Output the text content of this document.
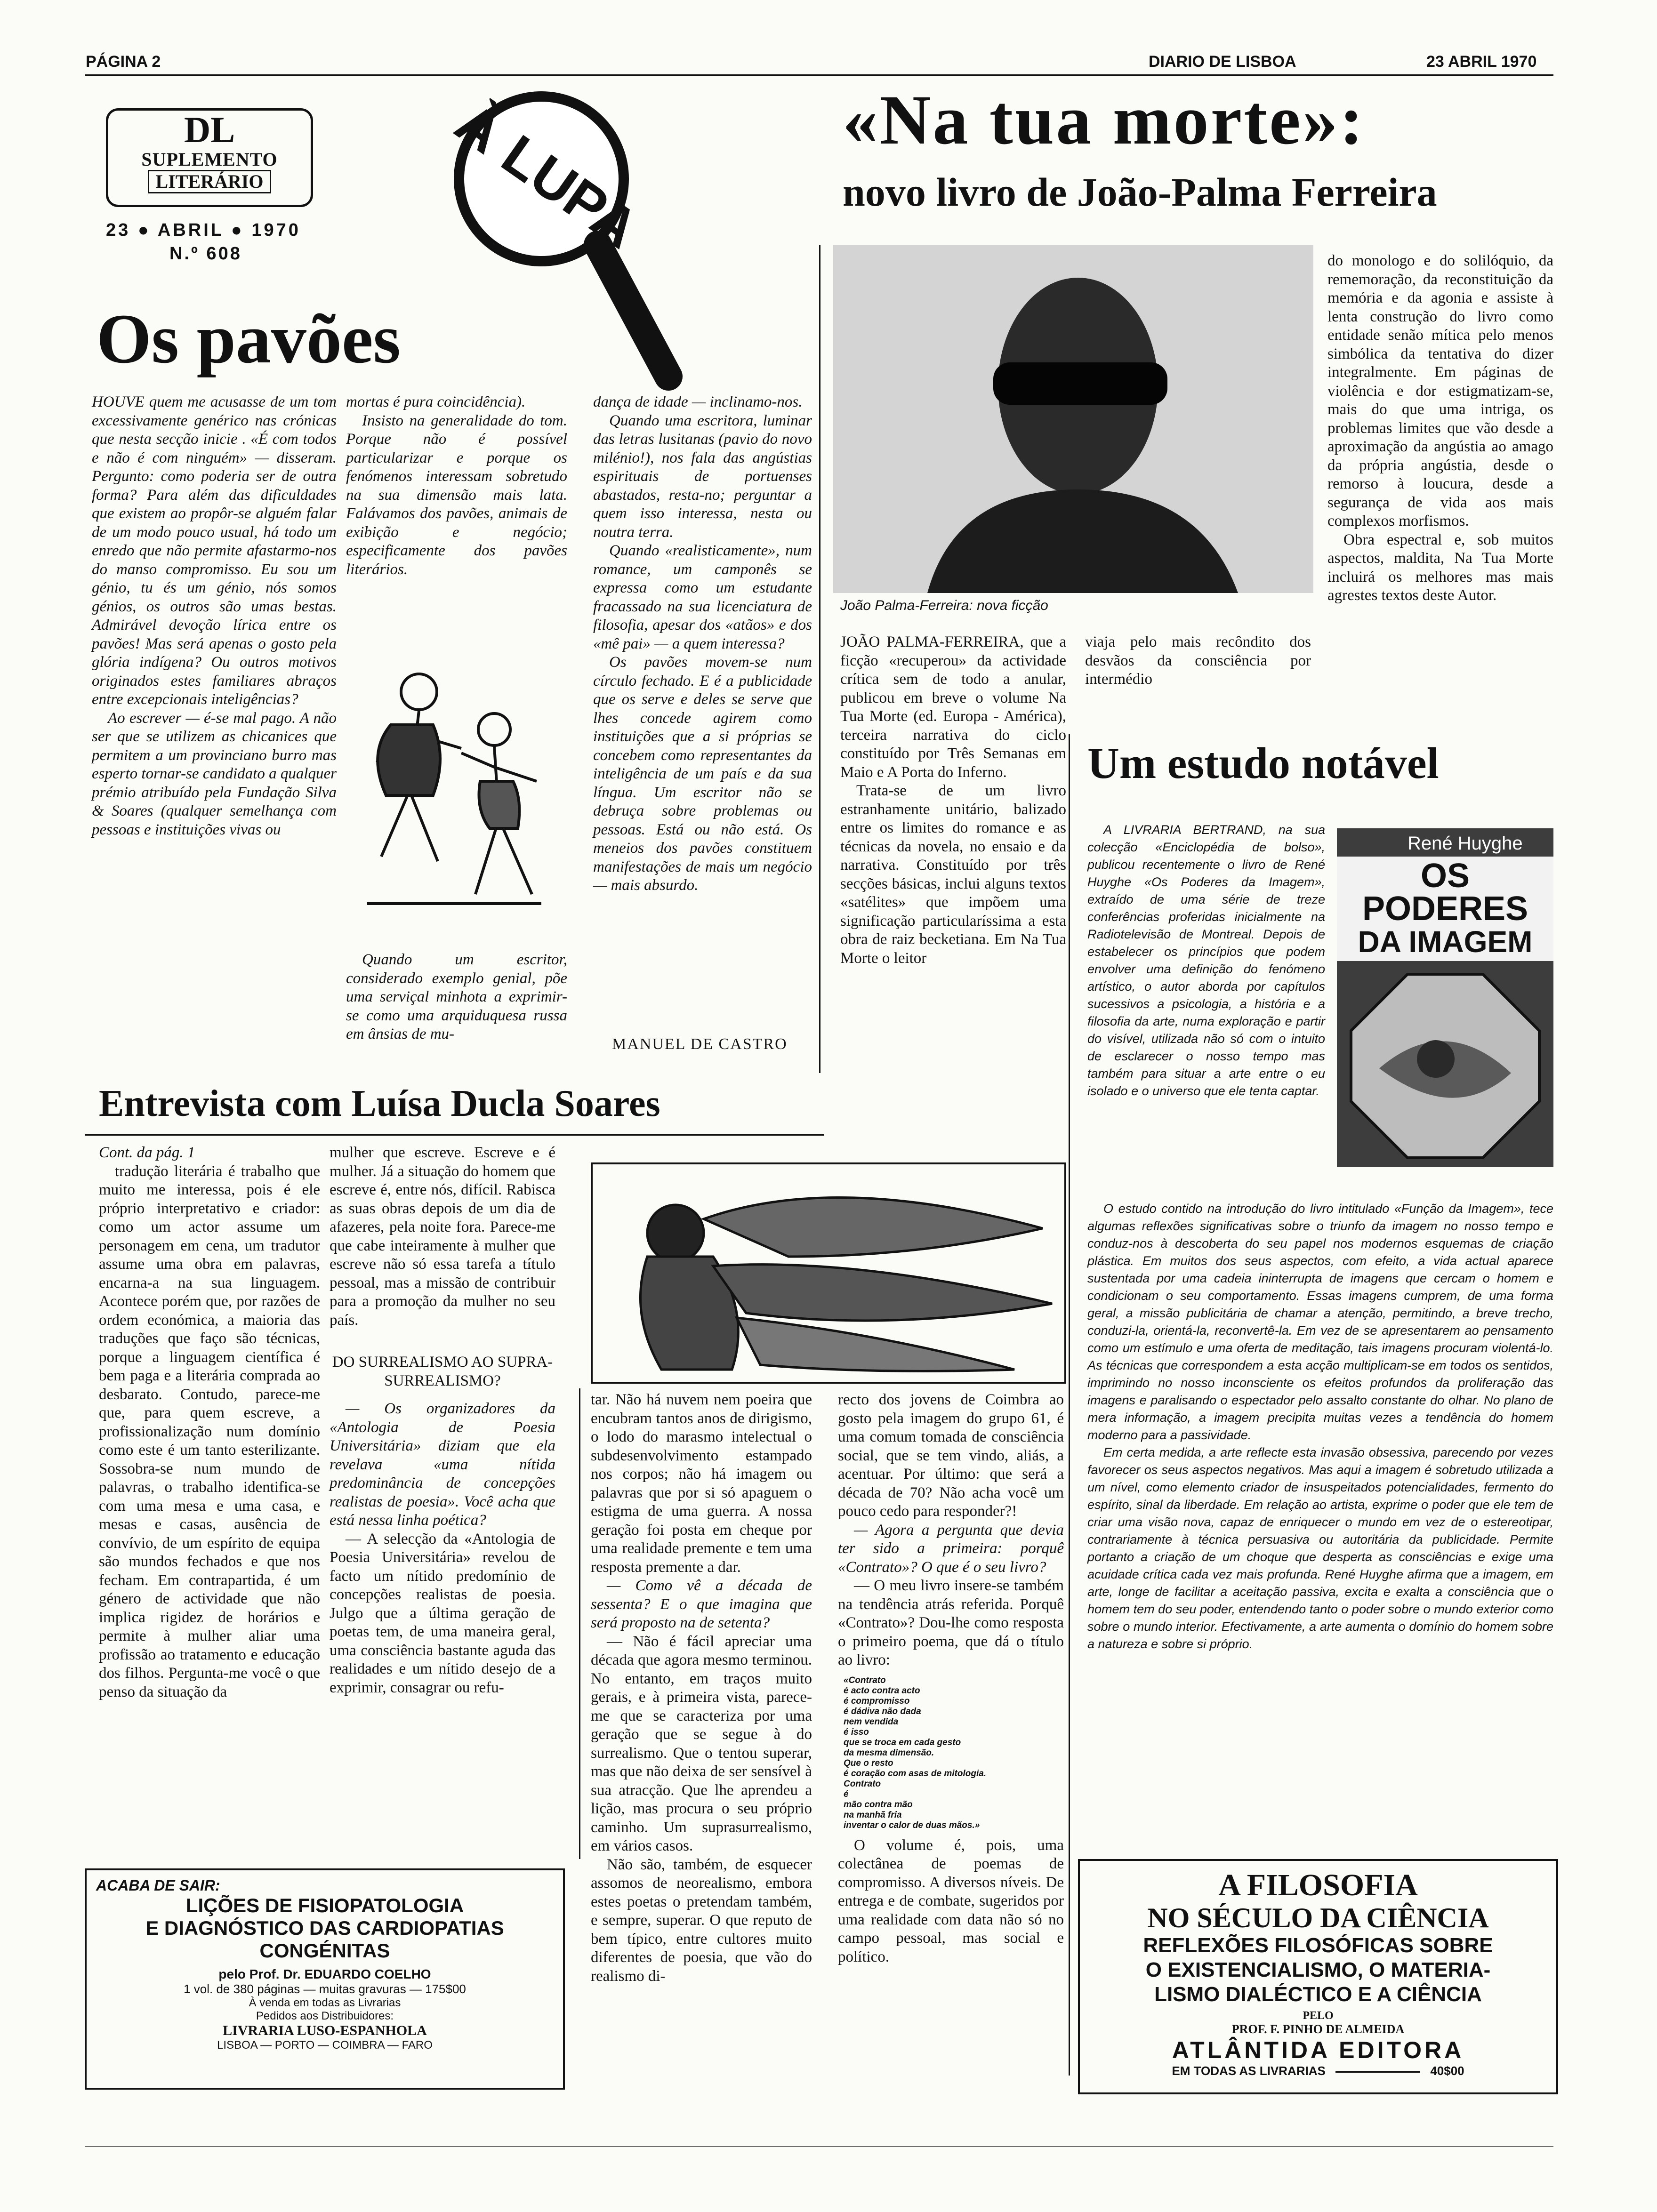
PÁGINA 2	DIARIO DE LISBOA	23 ABRIL 1970
DL
SUPLEMENTO
LITERÁRIO
23 ● ABRIL ● 1970
N.º 608	À LUPA
Os pavões

HOUVE quem me acusasse de um tom excessivamente genérico nas crónicas que nesta secção inicie . «É com todos e não é com ninguém» — disseram. Pergunto: como poderia ser de outra forma? Para além das dificuldades que existem ao propôr-se alguém falar de um modo pouco usual, há todo um enredo que não permite afastarmo-nos do manso compromisso. Eu sou um génio, tu és um génio, nós somos génios, os outros são umas bestas. Admirável devoção lírica entre os pavões! Mas será apenas o gosto pela glória indígena? Ou outros motivos originados estes familiares abraços entre excepcionais inteligências?

Ao escrever — é-se mal pago. A não ser que se utilizem as chicanices que permitem a um provinciano burro mas esperto tornar-se candidato a qualquer prémio atribuído pela Fundação Silva & Soares (qualquer semelhança com pessoas e instituições vivas ou

mortas é pura coincidência).

Insisto na generalidade do tom. Porque não é possível particularizar e porque os fenómenos interessam sobretudo na sua dimensão mais lata. Falávamos dos pavões, animais de exibição e negócio; especificamente dos pavões literários.

Quando um escritor, considerado exemplo genial, põe uma serviçal minhota a exprimir-se como uma arquiduquesa russa em ânsias de mu-

dança de idade — inclinamo-nos.

Quando uma escritora, luminar das letras lusitanas (pavio do novo milénio!), nos fala das angústias espirituais de portuenses abastados, resta-no; perguntar a quem isso interessa, nesta ou noutra terra.

Quando «realisticamente», num romance, um camponês se expressa como um estudante fracassado na sua licenciatura de filosofia, apesar dos «atãos» e dos «mê pai» — a quem interessa?

Os pavões movem-se num círculo fechado. E é a publicidade que os serve e deles se serve que lhes concede agirem como instituições que a si próprias se concebem como representantes da inteligência de um país e da sua língua. Um escritor não se debruça sobre problemas ou pessoas. Está ou não está. Os meneios dos pavões constituem manifestações de mais um negócio — mais absurdo.

MANUEL DE CASTRO
«Na tua morte»:
novo livro de João-Palma Ferreira
João Palma-Ferreira: nova ficção

do monologo e do solilóquio, da rememoração, da reconstituição da memória e da agonia e assiste à lenta construção do livro como entidade senão mítica pelo menos simbólica da tentativa do dizer integralmente. Em páginas de violência e dor estigmatizam-se, mais do que uma intriga, os problemas limites que vão desde a aproximação da angústia ao amago da própria angústia, desde o remorso à loucura, desde a segurança de vida aos mais complexos morfismos.

Obra espectral e, sob muitos aspectos, maldita, Na Tua Morte incluirá os melhores mas mais agrestes textos deste Autor.

JOÃO PALMA-FERREIRA, que a ficção «recuperou» da actividade crítica sem de todo a anular, publicou em breve o volume Na Tua Morte (ed. Europa - América), terceira narrativa do ciclo constituído por Três Semanas em Maio e A Porta do Inferno.

Trata-se de um livro estranhamente unitário, balizado entre os limites do romance e as técnicas da novela, no ensaio e da narrativa. Constituído por três secções básicas, inclui alguns textos «satélites» que impõem uma significação particularíssima a esta obra de raiz becketiana. Em Na Tua Morte o leitor

viaja pelo mais recôndito dos desvãos da consciência por intermédio

Um estudo notável
René Huyghe
OS
PODERES
DA IMAGEM

A LIVRARIA BERTRAND, na sua colecção «Enciclopédia de bolso», publicou recentemente o livro de René Huyghe «Os Poderes da Imagem», extraído de uma série de treze conferências proferidas inicialmente na Radiotelevisão de Montreal. Depois de estabelecer os princípios que podem envolver uma definição do fenómeno artístico, o autor aborda por capítulos sucessivos a psicologia, a história e a filosofia da arte, numa exploração e partir do visível, utilizada não só com o intuito de esclarecer o nosso tempo mas também para situar a arte entre o eu isolado e o universo que ele tenta captar.

O estudo contido na introdução do livro intitulado «Função da Imagem», tece algumas reflexões significativas sobre o triunfo da imagem no nosso tempo e conduz-nos à descoberta do seu papel nos modernos esquemas de criação plástica. Em muitos dos seus aspectos, com efeito, a vida actual aparece sustentada por uma cadeia ininterrupta de imagens que cercam o homem e condicionam o seu comportamento. Essas imagens cumprem, de uma forma geral, a missão publicitária de chamar a atenção, permitindo, a breve trecho, conduzi-la, orientá-la, reconvertê-la. Em vez de se apresentarem ao pensamento como um estímulo e uma oferta de meditação, tais imagens procuram violentá-lo. As técnicas que correspondem a esta acção multiplicam-se em todos os sentidos, imprimindo no nosso inconsciente os efeitos profundos da proliferação das imagens e paralisando o espectador pelo assalto constante do olhar. No plano de mera informação, a imagem precipita muitas vezes a tendência do homem moderno para a passividade.

Em certa medida, a arte reflecte esta invasão obsessiva, parecendo por vezes favorecer os seus aspectos negativos. Mas aqui a imagem é sobretudo utilizada a um nível, como elemento criador de insuspeitados potencialidades, fermento do espírito, sinal da liberdade. Em relação ao artista, exprime o poder que ele tem de criar uma visão nova, capaz de enriquecer o mundo em vez de o estereotipar, contrariamente à técnica persuasiva ou autoritária da publicidade. Permite portanto a criação de um choque que desperta as consciências e exige uma acuidade crítica cada vez mais profunda. René Huyghe afirma que a imagem, em arte, longe de facilitar a aceitação passiva, excita e exalta a consciência que o homem tem do seu poder, entendendo tanto o poder sobre o mundo exterior como sobre o mundo interior. Efectivamente, a arte aumenta o domínio do homem sobre a natureza e sobre si próprio.

Entrevista com Luísa Ducla Soares

Cont. da pág. 1

tradução literária é trabalho que muito me interessa, pois é ele próprio interpretativo e criador: como um actor assume um personagem em cena, um tradutor assume uma obra em palavras, encarna-a na sua linguagem. Acontece porém que, por razões de ordem económica, a maioria das traduções que faço são técnicas, porque a linguagem científica é bem paga e a literária comprada ao desbarato. Contudo, parece-me que, para quem escreve, a profissionalização num domínio como este é um tanto esterilizante. Sossobra-se num mundo de palavras, o trabalho identifica-se com uma mesa e uma casa, e mesas e casas, ausência de convívio, de um espírito de equipa são mundos fechados e que nos fecham. Em contrapartida, é um género de actividade que não implica rigidez de horários e permite à mulher aliar uma profissão ao tratamento e educação dos filhos. Pergunta-me você o que penso da situação da

mulher que escreve. Escreve e é mulher. Já a situação do homem que escreve é, entre nós, difícil. Rabisca as suas obras depois de um dia de afazeres, pela noite fora. Parece-me que cabe inteiramente à mulher que escreve não só essa tarefa a título pessoal, mas a missão de contribuir para a promoção da mulher no seu país.

DO SURREALISMO AO SUPRA-SURREALISMO?

— Os organizadores da «Antologia de Poesia Universitária» diziam que ela revelava «uma nítida predominância de concepções realistas de poesia». Você acha que está nessa linha poética?

— A selecção da «Antologia de Poesia Universitária» revelou de facto um nítido predomínio de concepções realistas de poesia. Julgo que a última geração de poetas tem, de uma maneira geral, uma consciência bastante aguda das realidades e um nítido desejo de a exprimir, consagrar ou refu-

tar. Não há nuvem nem poeira que encubram tantos anos de dirigismo, o lodo do marasmo intelectual o subdesenvolvimento estampado nos corpos; não há imagem ou palavras que por si só apaguem o estigma de uma guerra. A nossa geração foi posta em cheque por uma realidade premente e tem uma resposta premente a dar.

— Como vê a década de sessenta? E o que imagina que será proposto na de setenta?

— Não é fácil apreciar uma década que agora mesmo terminou. No entanto, em traços muito gerais, e à primeira vista, parece-me que se caracteriza por uma geração que se segue à do surrealismo. Que o tentou superar, mas que não deixa de ser sensível à sua atracção. Que lhe aprendeu a lição, mas procura o seu próprio caminho. Um suprasurrealismo, em vários casos.

Não são, também, de esquecer assomos de neorealismo, embora estes poetas o pretendam também, e sempre, superar. O que reputo de bem típico, entre cultores muito diferentes de poesia, que vão do realismo di-

recto dos jovens de Coimbra ao gosto pela imagem do grupo 61, é uma comum tomada de consciência social, que se tem vindo, aliás, a acentuar. Por último: que será a década de 70? Não acha você um pouco cedo para responder?!

— Agora a pergunta que devia ter sido a primeira: porquê «Contrato»? O que é o seu livro?

— O meu livro insere-se também na tendência atrás referida. Porquê «Contrato»? Dou-lhe como resposta o primeiro poema, que dá o título ao livro:

«Contrato
é acto contra acto
é compromisso
é dádiva não dada
nem vendida
é isso
que se troca em cada gesto
da mesma dimensão.
Que o resto
é coração com asas de mitologia.
Contrato
é
mão contra mão
na manhã fria
inventar o calor de duas mãos.»

O volume é, pois, uma colectânea de poemas de compromisso. A diversos níveis. De entrega e de combate, sugeridos por uma realidade com data não só no campo pessoal, mas social e político.

ACABA DE SAIR:
LIÇÕES DE FISIOPATOLOGIA
E DIAGNÓSTICO DAS CARDIOPATIAS
CONGÉNITAS
pelo Prof. Dr. EDUARDO COELHO
1 vol. de 380 páginas — muitas gravuras — 175$00
À venda em todas as Livrarias
Pedidos aos Distribuidores:
LIVRARIA LUSO-ESPANHOLA
LISBOA — PORTO — COIMBRA — FARO
A FILOSOFIA
NO SÉCULO DA CIÊNCIA
REFLEXÕES FILOSÓFICAS SOBRE
O EXISTENCIALISMO, O MATERIA-
LISMO DIALÉCTICO E A CIÊNCIA
PELO
PROF. F. PINHO DE ALMEIDA
ATLÂNTIDA EDITORA
EM TODAS AS LIVRARIAS	40$00
